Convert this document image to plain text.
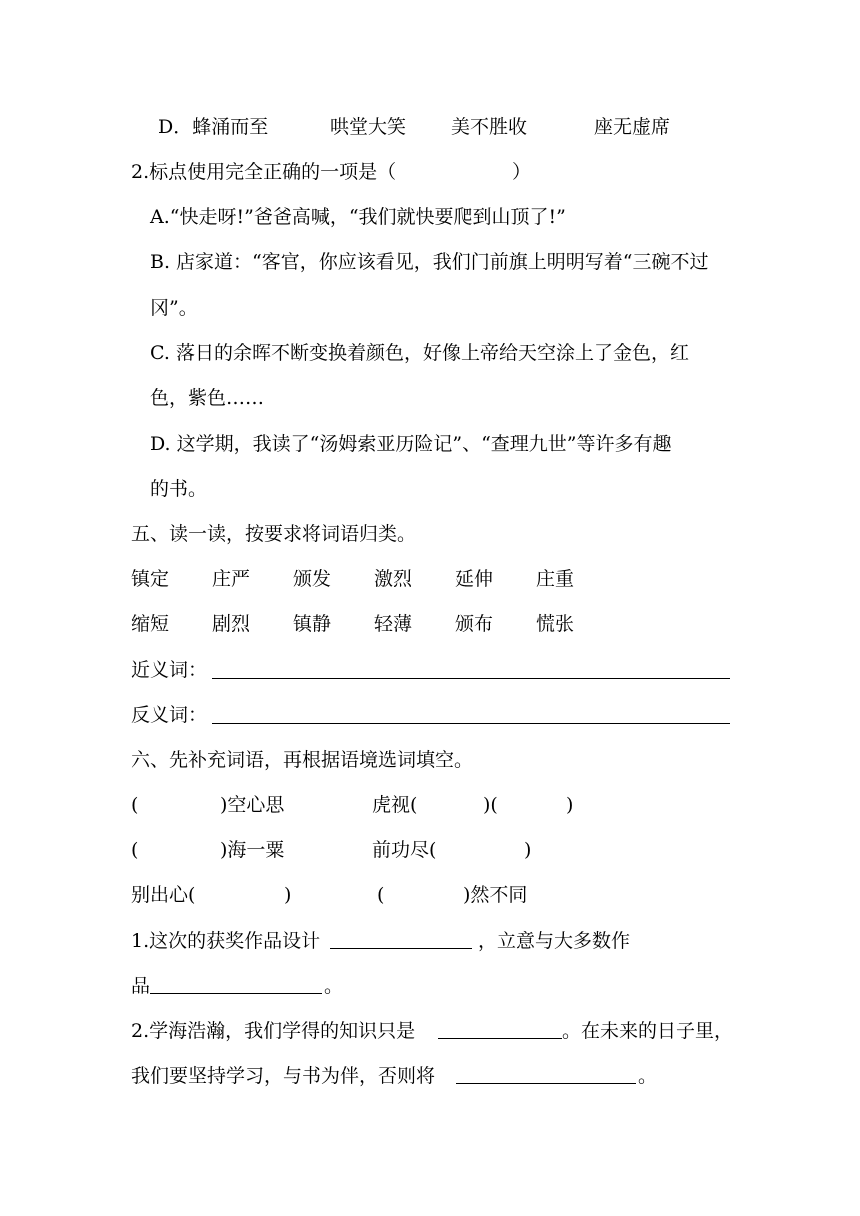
D．蜂涌而至	哄堂大笑 美不胜收	座无虚席
2.标点使用完全正确的一项是（	）
A.“快走呀!”爸爸高喊，“我们就快要爬到山顶了!”
B. 店家道：“客官，你应该看见，我们门前旗上明明写着“三碗不过
冈”。
C. 落日的余晖不断变换着颜色，好像上帝给天空涂上了金色，红
色，紫色……
D. 这学期，我读了“汤姆索亚历险记”、“查理九世”等许多有趣
的书。
五、读一读，按要求将词语归类。
镇定 庄严 颁发 激烈 延伸 庄重
缩短 剧烈 镇静 轻薄 颁布 慌张
近义词：
反义词：
六、先补充词语，再根据语境选词填空。
(	)空心思	虎视(	)(	)
(	)海一粟	前功尽(	)
别出心(	)	(	)然不同
1.这次的获奖作品设计	，立意与大多数作
品	。
2.学海浩瀚，我们学得的知识只是	。在未来的日子里，
我们要坚持学习，与书为伴，否则将	。
